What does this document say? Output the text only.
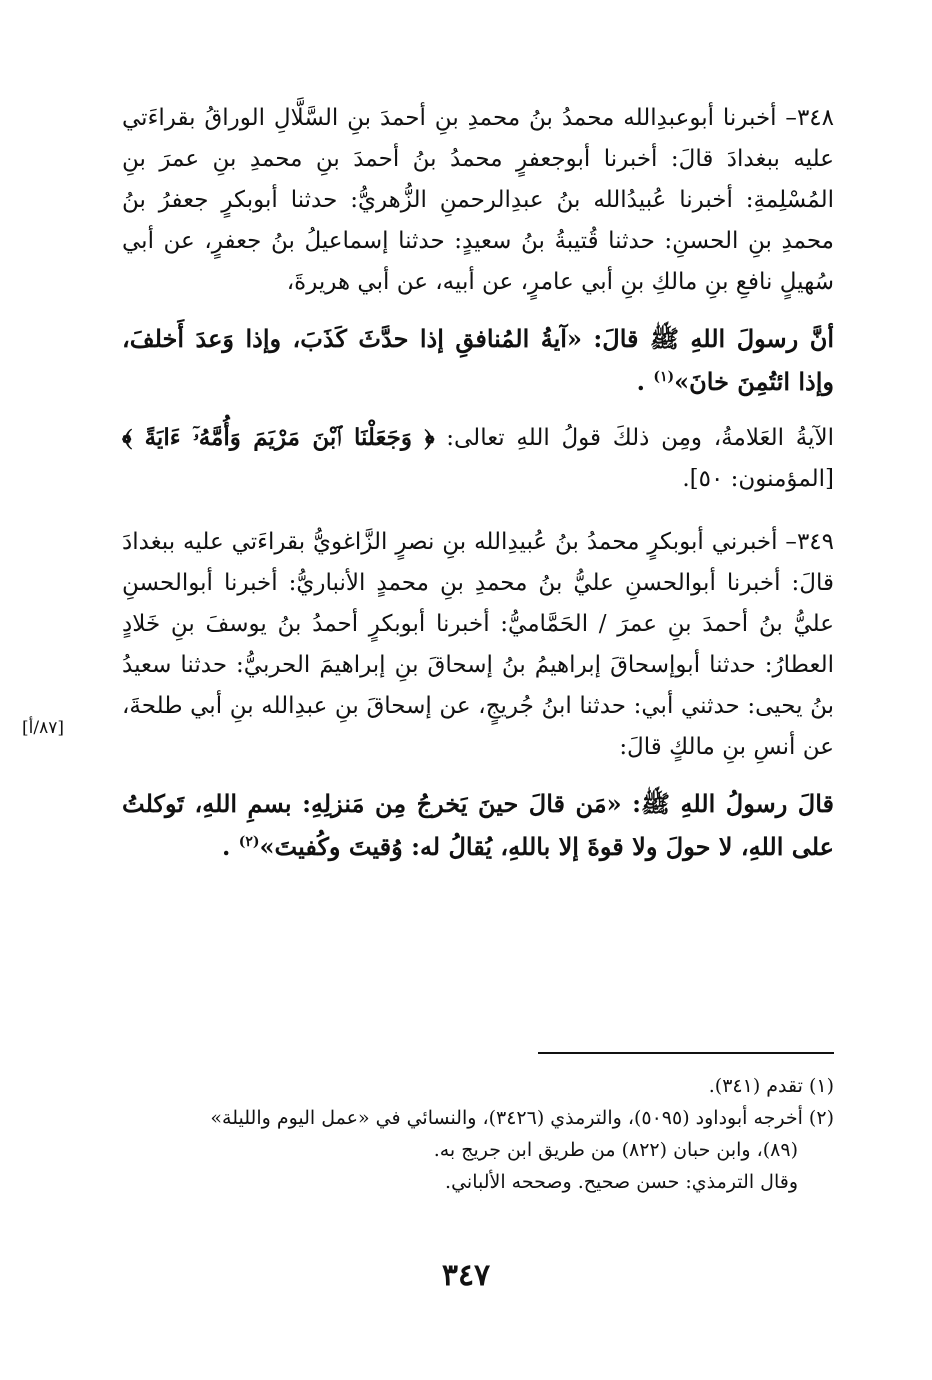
٣٤٨– أخبرنا أبوعبدِالله محمدُ بنُ محمدِ بنِ أحمدَ بنِ السَّلَّالِ الوراقُ بقراءَتي عليه ببغدادَ قالَ: أخبرنا أبوجعفرٍ محمدُ بنُ أحمدَ بنِ محمدِ بنِ عمرَ بنِ المُسْلِمةِ: أخبرنا عُبيدُالله بنُ عبدِالرحمنِ الزُّهريُّ: حدثنا أبوبكرٍ جعفرُ بنُ محمدِ بنِ الحسنِ: حدثنا قُتيبةُ بنُ سعيدٍ: حدثنا إسماعيلُ بنُ جعفرٍ، عن أبي سُهيلٍ نافعِ بنِ مالكِ بنِ أبي عامرٍ، عن أبيه، عن أبي هريرةَ،

أنَّ رسولَ اللهِ ﷺ قالَ: «آيةُ المُنافقِ إذا حدَّثَ كَذَبَ، وإذا وَعدَ أَخلفَ، وإذا ائتُمِنَ خانَ»$^{(١)}$ .

الآيةُ العَلامةُ، ومِن ذلكَ قولُ اللهِ تعالى: ﴿ وَجَعَلْنَا ٱبْنَ مَرْيَمَ وَأُمَّهُۥٓ ءَايَةً ﴾ [المؤمنون: ٥٠].

٣٤٩– أخبرني أبوبكرٍ محمدُ بنُ عُبيدِالله بنِ نصرٍ الزَّاغويُّ بقراءَتي عليه ببغدادَ قالَ: أخبرنا أبوالحسنِ عليُّ بنُ محمدِ بنِ محمدٍ الأنباريُّ: أخبرنا أبوالحسنِ عليُّ بنُ أحمدَ بنِ عمرَ / الحَمَّاميُّ: أخبرنا أبوبكرٍ أحمدُ بنُ يوسفَ بنِ خَلادٍ العطارُ: حدثنا أبوإسحاقَ إبراهيمُ بنُ إسحاقَ بنِ إبراهيمَ الحربيُّ: حدثنا سعيدُ بنُ يحيى: حدثني أبي: حدثنا ابنُ جُريجٍ، عن إسحاقَ بنِ عبدِالله بنِ أبي طلحةَ، عن أنسِ بنِ مالكٍ قالَ:

قالَ رسولُ اللهِ ﷺ: «مَن قالَ حينَ يَخرجُ مِن مَنزلِهِ: بسمِ اللهِ، تَوكلتُ على اللهِ، لا حولَ ولا قوةَ إلا باللهِ، يُقالُ له: وُقيتَ وكُفيتَ»$^{(٢)}$ .

[٨٧/أ]

(١) تقدم (٣٤١).

(٢) أخرجه أبوداود (٥٠٩٥)، والترمذي (٣٤٢٦)، والنسائي في «عمل اليوم والليلة»

(٨٩)، وابن حبان (٨٢٢) من طريق ابن جريج به.

وقال الترمذي: حسن صحيح. وصححه الألباني.

٣٤٧
